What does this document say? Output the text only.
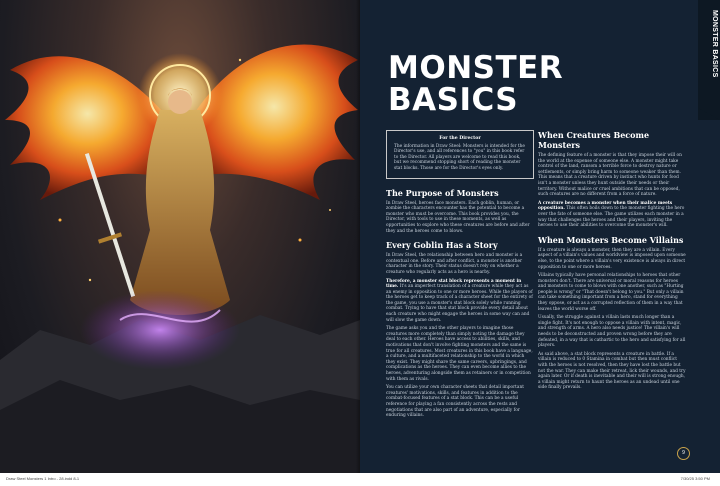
MONSTER BASICS
MONSTER
BASICS
For the Director

The information in Draw Steel: Monsters is intended for the Director's use, and all references to "you" in this book refer to the Director. All players are welcome to read this book, but we recommend stopping short of reading the monster stat blocks. Those are for the Director's eyes only.

The Purpose of Monsters

In Draw Steel, heroes face monsters. Each goblin, human, or zombie the characters encounter has the potential to become a monster who must be overcome. This book provides you, the Director, with tools to use in these moments, as well as opportunities to explore who these creatures are before and after they and the heroes come to blows.

Every Goblin Has a Story

In Draw Steel, the relationship between hero and monster is a contextual one. Before and after conflict, a monster is another character in the story. Their status doesn't rely on whether a creature who regularly acts as a hero is nearby.

Therefore, a monster stat block represents a moment in time. It's an imperfect translation of a creature while they act as an enemy in opposition to one or more heroes. While the players of the heroes get to keep track of a character sheet for the entirety of the game, you use a monster's stat block solely while running combat. Trying to have that stat block provide every detail about each creature who might engage the heroes in some way can and will slow the game down.

The game asks you and the other players to imagine those creatures more completely than simply noting the damage they deal to each other. Heroes have access to abilities, skills, and motivations that don't involve fighting monsters and the same is true for all creatures. Most creatures in this book have a language, a culture, and a multifaceted relationship to the world in which they exist. They might share the same careers, upbringings, and complications as the heroes. They can even become allies to the heroes, adventuring alongside them as retainers or in competition with them as rivals.

You can utilize your own character sheets that detail important creatures' motivations, skills, and features in addition to the combat-focused features of a stat block. This can be a useful reference for playing a fan consistently across the rests and negotiations that are also part of an adventure, especially for enduring villains.

When Creatures Become Monsters

The defining feature of a monster is that they impose their will on the world at the expense of someone else. A monster might take control of the land, ransom a terrible force to destroy nature or settlements, or simply bring harm to someone weaker than them. This means that a creature driven by instinct who hunts for food isn't a monster unless they hunt outside their needs or their territory. Without malice or cruel ambitions that can be opposed, such creatures are no different from a force of nature.

A creature becomes a monster when their malice meets opposition. This often boils down to the monster fighting the hero over the fate of someone else. The game utilizes each monster in a way that challenges the heroes and their players, inviting the heroes to use their abilities to overcome the monster's will.

When Monsters Become Villains

If a creature is always a monster, then they are a villain. Every aspect of a villain's values and worldview is imposed upon someone else, to the point where a villain's very existence is always in direct opposition to one or more heroes.

Villains typically have personal relationships to heroes that other monsters don't. There are universal or moral reasons for heroes and monsters to come to blows with one another, such as "Hurting people is wrong" or "That doesn't belong to you." But only a villain can take something important from a hero, stand for everything they oppose, or act as a corrupted reflection of them in a way that leaves the world worse off.

Usually, the struggle against a villain lasts much longer than a single fight. It's not enough to oppose a villain with intent, magic, and strength of arms. A hero also needs justice! The villain's will needs to be deconstructed and proven wrong before they are defeated, in a way that is cathartic to the hero and satisfying for all players.

As said above, a stat block represents a creature in battle. If a villain is reduced to 0 Stamina in combat but then must conflict with the heroes is not resolved, then they have lost the battle but not the war. They can make their retreat, lick their wounds, and try again later. Or if death is inevitable and their will is strong enough, a villain might return to haunt the heroes as an undead until one side finally prevails.

9
Draw Steel Monsters 1 Intro - 28.indd 8-1	7/30/25 3:50 PM
